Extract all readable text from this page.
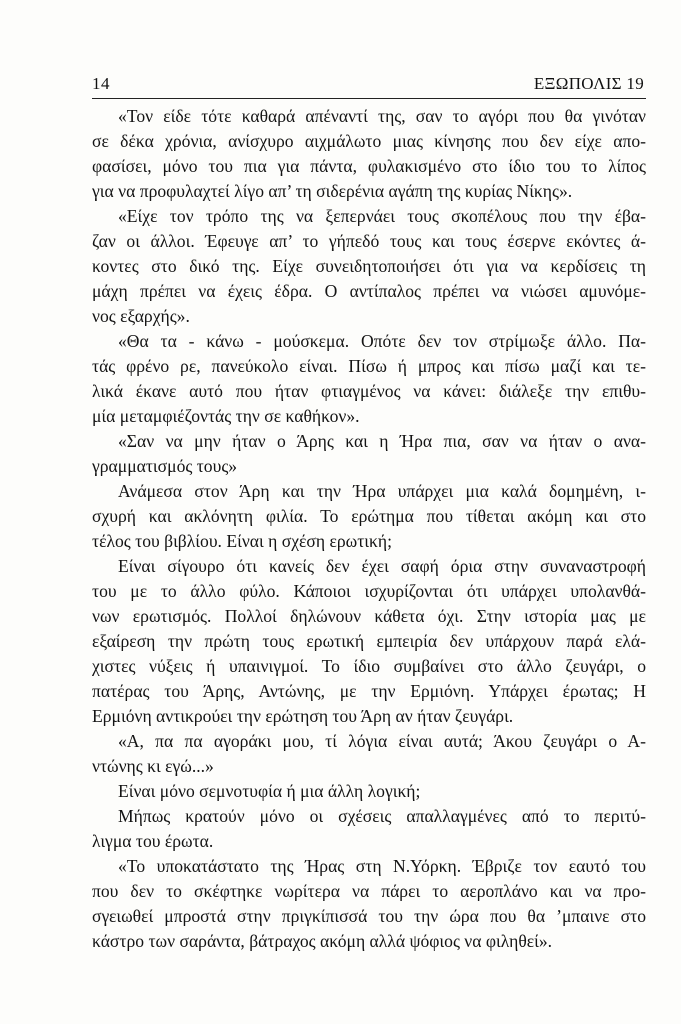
14	ΕΞΩΠΟΛΙΣ 19
«Τον είδε τότε καθαρά απέναντί της, σαν το αγόρι που θα γινόταν
σε δέκα χρόνια, ανίσχυρο αιχμάλωτο μιας κίνησης που δεν είχε απο-
φασίσει, μόνο του πια για πάντα, φυλακισμένο στο ίδιο του το λίπος
για να προφυλαχτεί λίγο απ’ τη σιδερένια αγάπη της κυρίας Νίκης».
«Είχε τον τρόπο της να ξεπερνάει τους σκοπέλους που την έβα-
ζαν οι άλλοι. Έφευγε απ’ το γήπεδό τους και τους έσερνε εκόντες ά-
κοντες στο δικό της. Είχε συνειδητοποιήσει ότι για να κερδίσεις τη
μάχη πρέπει να έχεις έδρα. Ο αντίπαλος πρέπει να νιώσει αμυνόμε-
νος εξαρχής».
«Θα τα - κάνω - μούσκεμα. Οπότε δεν τον στρίμωξε άλλο. Πα-
τάς φρένο ρε, πανεύκολο είναι. Πίσω ή μπρος και πίσω μαζί και τε-
λικά έκανε αυτό που ήταν φτιαγμένος να κάνει: διάλεξε την επιθυ-
μία μεταμφιέζοντάς την σε καθήκον».
«Σαν να μην ήταν ο Άρης και η Ήρα πια, σαν να ήταν ο ανα-
γραμματισμός τους»
Ανάμεσα στον Άρη και την Ήρα υπάρχει μια καλά δομημένη, ι-
σχυρή και ακλόνητη φιλία. Το ερώτημα που τίθεται ακόμη και στο
τέλος του βιβλίου. Είναι η σχέση ερωτική;
Είναι σίγουρο ότι κανείς δεν έχει σαφή όρια στην συναναστροφή
του με το άλλο φύλο. Κάποιοι ισχυρίζονται ότι υπάρχει υπολανθά-
νων ερωτισμός. Πολλοί δηλώνουν κάθετα όχι. Στην ιστορία μας με
εξαίρεση την πρώτη τους ερωτική εμπειρία δεν υπάρχουν παρά ελά-
χιστες νύξεις ή υπαινιγμοί. Το ίδιο συμβαίνει στο άλλο ζευγάρι, ο
πατέρας του Άρης, Αντώνης, με την Ερμιόνη. Υπάρχει έρωτας; Η
Ερμιόνη αντικρούει την ερώτηση του Άρη αν ήταν ζευγάρι.
«Α, πα πα αγοράκι μου, τί λόγια είναι αυτά; Άκου ζευγάρι ο Α-
ντώνης κι εγώ...»
Είναι μόνο σεμνοτυφία ή μια άλλη λογική;
Μήπως κρατούν μόνο οι σχέσεις απαλλαγμένες από το περιτύ-
λιγμα του έρωτα.
«Το υποκατάστατο της Ήρας στη Ν.Υόρκη. Έβριζε τον εαυτό του
που δεν το σκέφτηκε νωρίτερα να πάρει το αεροπλάνο και να προ-
σγειωθεί μπροστά στην πριγκίπισσά του την ώρα που θα ’μπαινε στο
κάστρο των σαράντα, βάτραχος ακόμη αλλά ψόφιος να φιληθεί».
